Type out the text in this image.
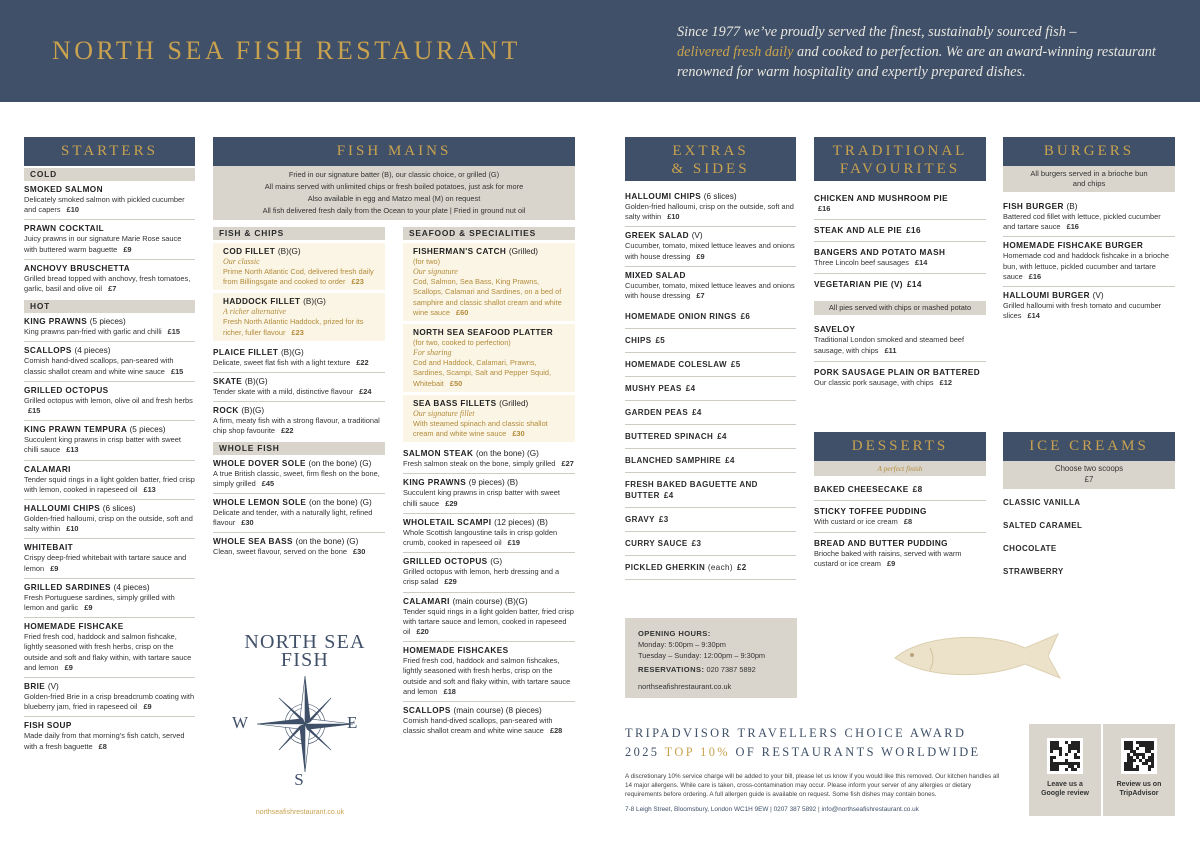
NORTH SEA FISH RESTAURANT
Since 1977 we’ve proudly served the finest, sustainably sourced fish –
delivered fresh daily and cooked to perfection. We are an award-winning restaurant renowned for warm hospitality and expertly prepared dishes.
STARTERS
COLD
SMOKED SALMON
Delicately smoked salmon with pickled cucumber and capers £10
PRAWN COCKTAIL
Juicy prawns in our signature Marie Rose sauce with buttered warm baguette £9
ANCHOVY BRUSCHETTA
Grilled bread topped with anchovy, fresh tomatoes, garlic, basil and olive oil £7
HOT
KING PRAWNS (5 pieces)
King prawns pan-fried with garlic and chilli £15
SCALLOPS (4 pieces)
Cornish hand-dived scallops, pan-seared with classic shallot cream and white wine sauce £15
GRILLED OCTOPUS
Grilled octopus with lemon, olive oil and fresh herbs £15
KING PRAWN TEMPURA (5 pieces)
Succulent king prawns in crisp batter with sweet chilli sauce £13
CALAMARI
Tender squid rings in a light golden batter, fried crisp with lemon, cooked in rapeseed oil £13
HALLOUMI CHIPS (6 slices)
Golden-fried halloumi, crisp on the outside, soft and salty within £10
WHITEBAIT
Crispy deep-fried whitebait with tartare sauce and lemon £9
GRILLED SARDINES (4 pieces)
Fresh Portuguese sardines, simply grilled with lemon and garlic £9
HOMEMADE FISHCAKE
Fried fresh cod, haddock and salmon fishcake, lightly seasoned with fresh herbs, crisp on the outside and soft and flaky within, with tartare sauce and lemon £9
BRIE (V)
Golden-fried Brie in a crisp breadcrumb coating with blueberry jam, fried in rapeseed oil £9
FISH SOUP
Made daily from that morning’s fish catch, served with a fresh baguette £8
FISH MAINS
Fried in our signature batter (B), our classic choice, or grilled (G)
All mains served with unlimited chips or fresh boiled potatoes, just ask for more
Also available in egg and Matzo meal (M) on request
All fish delivered fresh daily from the Ocean to your plate | Fried in ground nut oil
FISH & CHIPS
COD FILLET (B)(G)
Our classic
Prime North Atlantic Cod, delivered fresh daily from Billingsgate and cooked to order £23
HADDOCK FILLET (B)(G)
A richer alternative
Fresh North Atlantic Haddock, prized for its richer, fuller flavour £23
PLAICE FILLET (B)(G)
Delicate, sweet flat fish with a light texture £22
SKATE (B)(G)
Tender skate with a mild, distinctive flavour £24
ROCK (B)(G)
A firm, meaty fish with a strong flavour, a traditional chip shop favourite £22
WHOLE FISH
WHOLE DOVER SOLE (on the bone) (G)
A true British classic, sweet, firm flesh on the bone, simply grilled £45
WHOLE LEMON SOLE (on the bone) (G)
Delicate and tender, with a naturally light, refined flavour £30
WHOLE SEA BASS (on the bone) (G)
Clean, sweet flavour, served on the bone £30
SEAFOOD & SPECIALITIES
FISHERMAN'S CATCH (Grilled)
(for two)
Our signature
Cod, Salmon, Sea Bass, King Prawns, Scallops, Calamari and Sardines, on a bed of samphire and classic shallot cream and white wine sauce £60
NORTH SEA SEAFOOD PLATTER
(for two, cooked to perfection)
For sharing
Cod and Haddock, Calamari, Prawns, Sardines, Scampi, Salt and Pepper Squid, Whitebait £50
SEA BASS FILLETS (Grilled)
Our signature fillet
With steamed spinach and classic shallot cream and white wine sauce £30
SALMON STEAK (on the bone) (G)
Fresh salmon steak on the bone, simply grilled £27
KING PRAWNS (9 pieces) (B)
Succulent king prawns in crisp batter with sweet chilli sauce £29
WHOLETAIL SCAMPI (12 pieces) (B)
Whole Scottish langoustine tails in crisp golden crumb, cooked in rapeseed oil £19
GRILLED OCTOPUS (G)
Grilled octopus with lemon, herb dressing and a crisp salad £29
CALAMARI (main course) (B)(G)
Tender squid rings in a light golden batter, fried crisp with tartare sauce and lemon, cooked in rapeseed oil £20
HOMEMADE FISHCAKES
Fried fresh cod, haddock and salmon fishcakes, lightly seasoned with fresh herbs, crisp on the outside and soft and flaky within, with tartare sauce and lemon £18
SCALLOPS (main course) (8 pieces)
Cornish hand-dived scallops, pan-seared with classic shallot cream and white wine sauce £28
NORTH SEA
FISH
W	E
S
northseafishrestaurant.co.uk
EXTRAS
& SIDES
HALLOUMI CHIPS (6 slices)
Golden-fried halloumi, crisp on the outside, soft and salty within £10
GREEK SALAD (V)
Cucumber, tomato, mixed lettuce leaves and onions with house dressing £9
MIXED SALAD
Cucumber, tomato, mixed lettuce leaves and onions with house dressing £7
HOMEMADE ONION RINGS £6
CHIPS £5
HOMEMADE COLESLAW £5
MUSHY PEAS £4
GARDEN PEAS £4
BUTTERED SPINACH £4
BLANCHED SAMPHIRE £4
FRESH BAKED BAGUETTE AND BUTTER £4
GRAVY £3
CURRY SAUCE £3
PICKLED GHERKIN (each) £2
TRADITIONAL
FAVOURITES
CHICKEN AND MUSHROOM PIE
£16
STEAK AND ALE PIE £16
BANGERS AND POTATO MASH
Three Lincoln beef sausages £14
VEGETARIAN PIE (V) £14
All pies served with chips or mashed potato
SAVELOY
Traditional London smoked and steamed beef sausage, with chips £11
PORK SAUSAGE PLAIN OR BATTERED
Our classic pork sausage, with chips £12
BURGERS
All burgers served in a brioche bun and chips
FISH BURGER (B)
Battered cod fillet with lettuce, pickled cucumber and tartare sauce £16
HOMEMADE FISHCAKE BURGER
Homemade cod and haddock fishcake in a brioche bun, with lettuce, pickled cucumber and tartare sauce £16
HALLOUMI BURGER (V)
Grilled halloumi with fresh tomato and cucumber slices £14
DESSERTS
A perfect finish
BAKED CHEESECAKE £8
STICKY TOFFEE PUDDING
With custard or ice cream £8
BREAD AND BUTTER PUDDING
Brioche baked with raisins, served with warm custard or ice cream £9
ICE CREAMS
Choose two scoops
£7
CLASSIC VANILLA
SALTED CARAMEL
CHOCOLATE
STRAWBERRY
OPENING HOURS:
Monday: 5:00pm – 9:30pm
Tuesday – Sunday: 12:00pm – 9:30pm
RESERVATIONS: 020 7387 5892
northseafishrestaurant.co.uk
TRIPADVISOR TRAVELLERS CHOICE AWARD
2025 TOP 10% OF RESTAURANTS WORLDWIDE
A discretionary 10% service charge will be added to your bill, please let us know if you would like this removed. Our kitchen handles all 14 major allergens. While care is taken, cross-contamination may occur. Please inform your server of any allergies or dietary requirements before ordering. A full allergen guide is available on request. Some fish dishes may contain bones.
7-8 Leigh Street, Bloomsbury, London WC1H 9EW | 0207 387 5892 | info@northseafishrestaurant.co.uk
Leave us a
Google review
Review us on
TripAdvisor
